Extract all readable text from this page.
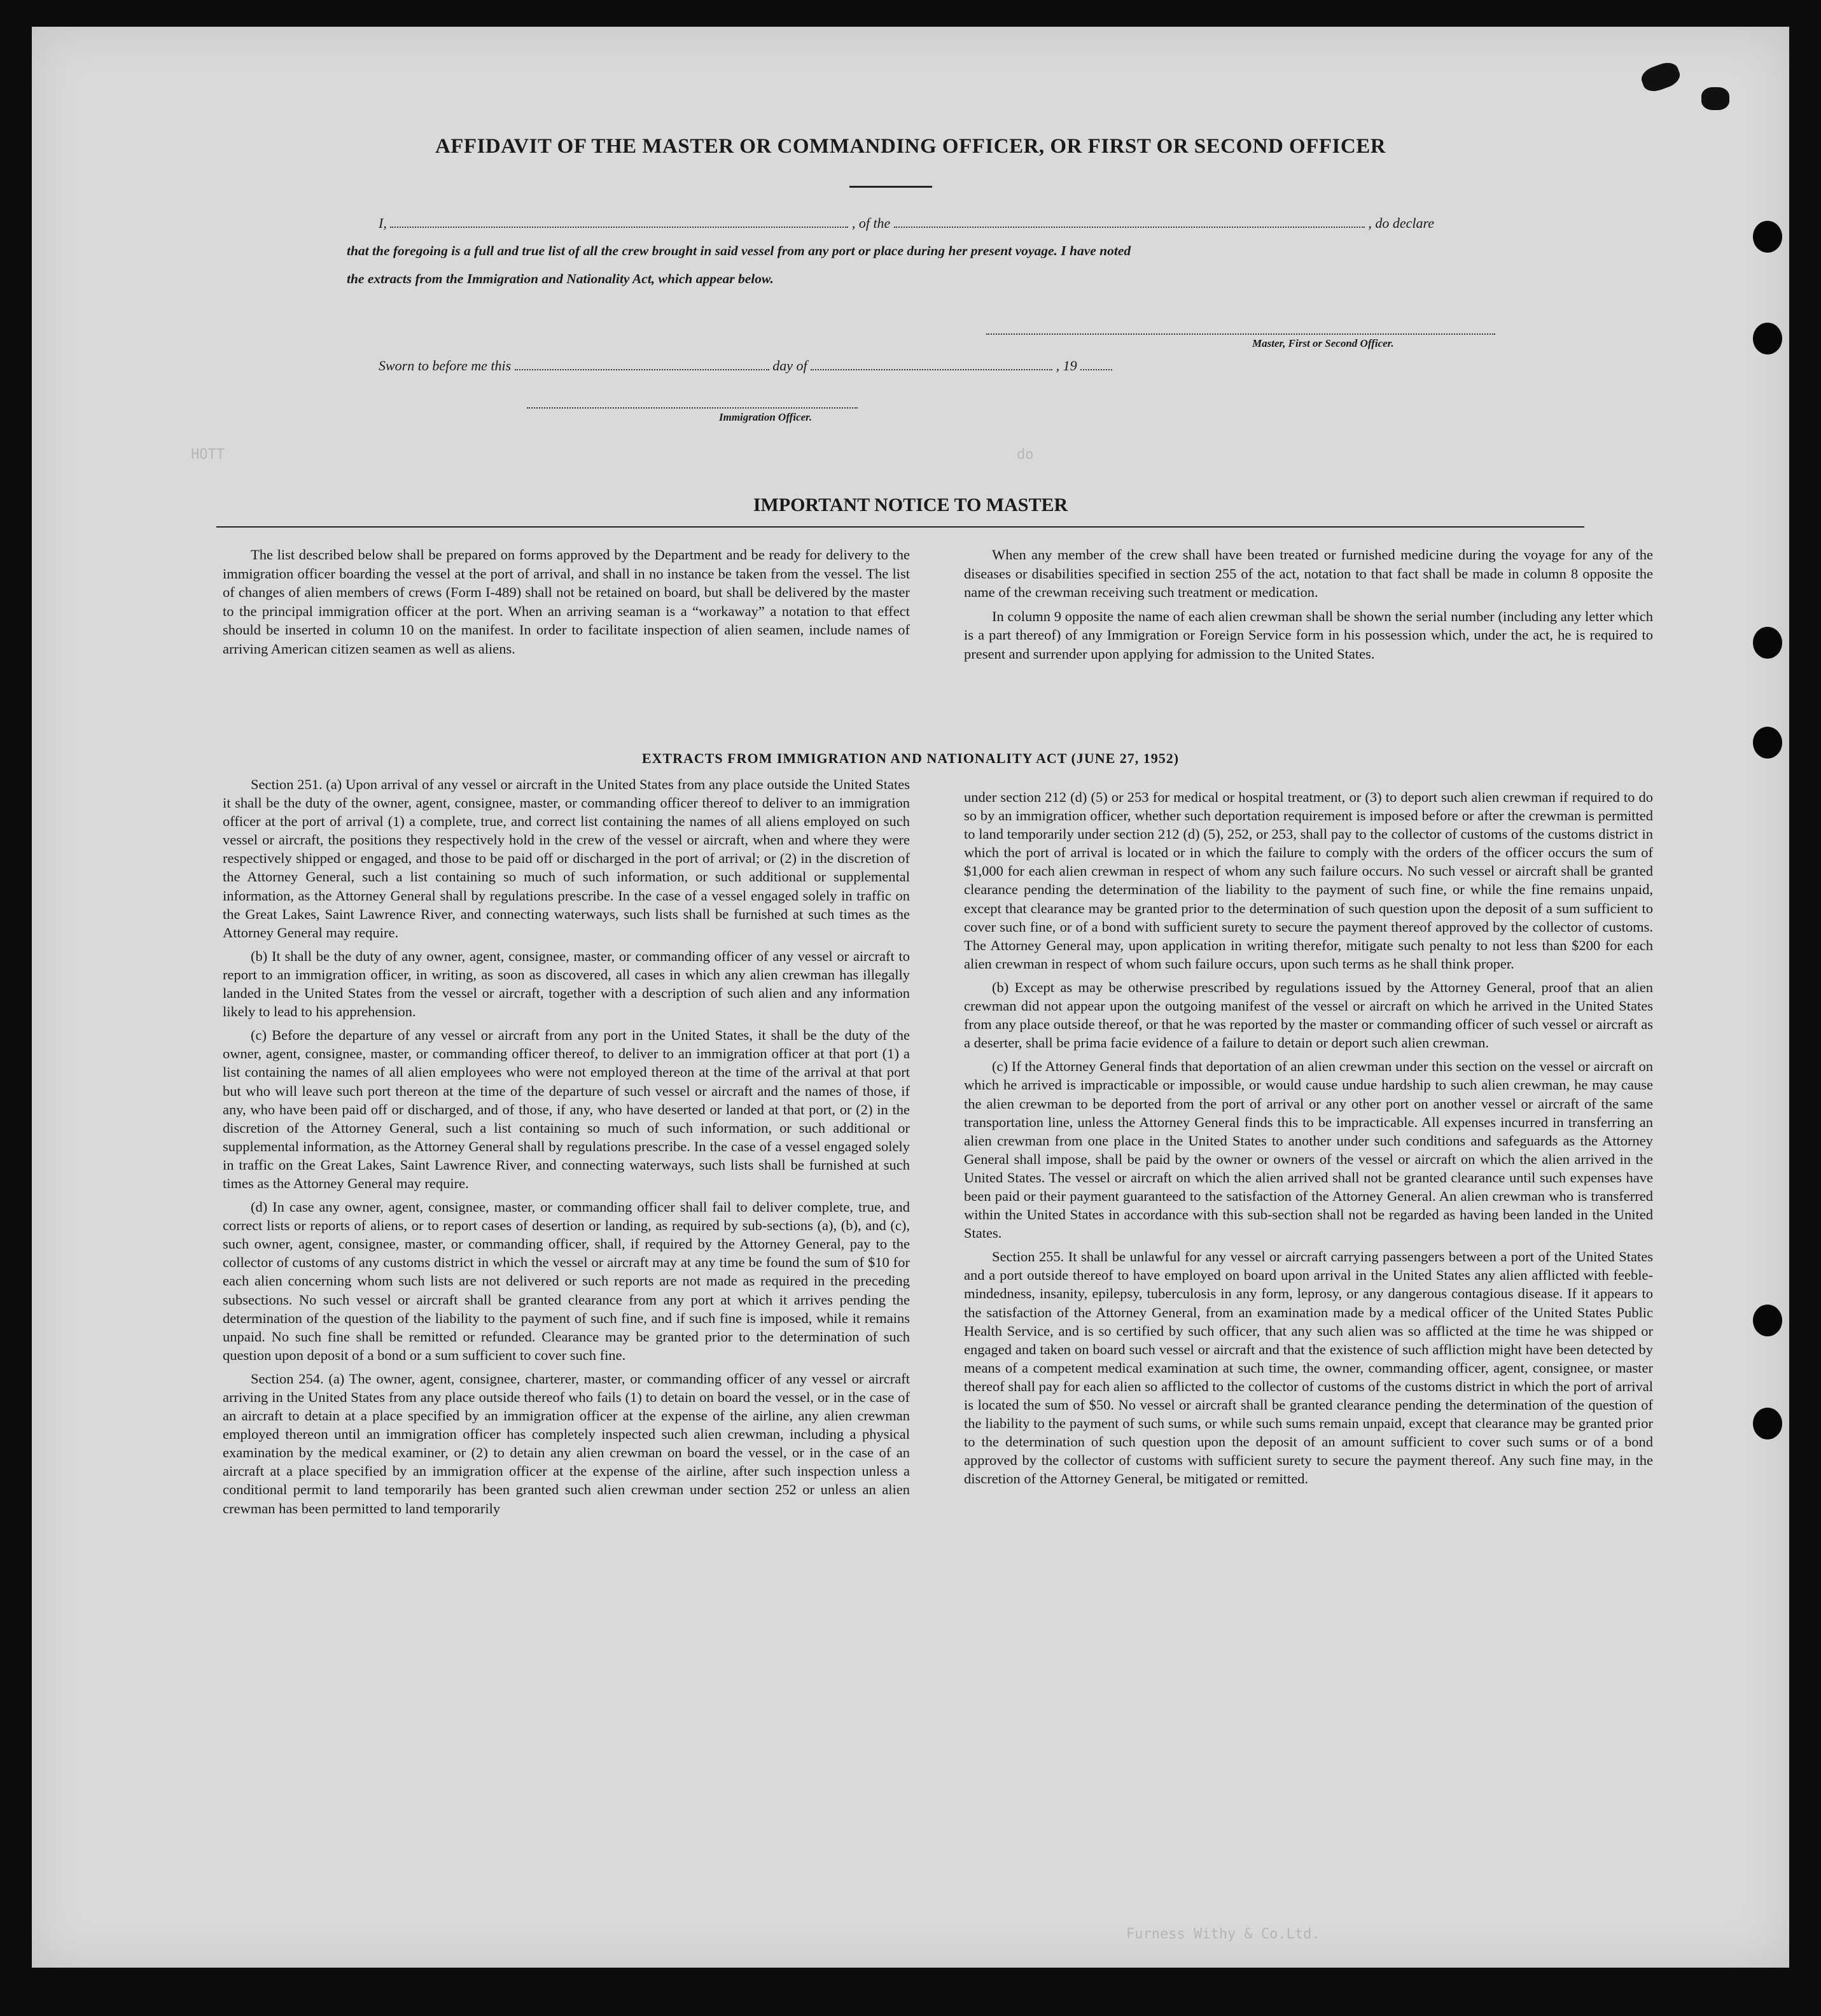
HOTT                                                                                              do
Furness Withy & Co.Ltd.
AFFIDAVIT OF THE MASTER OR COMMANDING OFFICER, OR FIRST OR SECOND OFFICER
I,	, of the	, do declare
that the foregoing is a full and true list of all the crew brought in said vessel from any port or place during her present voyage. I have noted
the extracts from the Immigration and Nationality Act, which appear below.
Master, First or Second Officer.
Sworn to before me this	day of	, 19
Immigration Officer.
IMPORTANT NOTICE TO MASTER

The list described below shall be prepared on forms approved by the Department and be ready for delivery to the immigration officer boarding the vessel at the port of arrival, and shall in no instance be taken from the vessel. The list of changes of alien members of crews (Form I-489) shall not be retained on board, but shall be delivered by the master to the principal immigration officer at the port. When an arriving seaman is a “workaway” a notation to that effect should be inserted in column 10 on the manifest. In order to facilitate inspection of alien seamen, include names of arriving American citizen seamen as well as aliens.

When any member of the crew shall have been treated or furnished medicine during the voyage for any of the diseases or disabilities specified in section 255 of the act, notation to that fact shall be made in column 8 opposite the name of the crewman receiving such treatment or medication.

In column 9 opposite the name of each alien crewman shall be shown the serial number (including any letter which is a part thereof) of any Immigration or Foreign Service form in his possession which, under the act, he is required to present and surrender upon applying for admission to the United States.

EXTRACTS FROM IMMIGRATION AND NATIONALITY ACT (JUNE 27, 1952)

Section 251. (a) Upon arrival of any vessel or aircraft in the United States from any place outside the United States it shall be the duty of the owner, agent, consignee, master, or commanding officer thereof to deliver to an immigration officer at the port of arrival (1) a complete, true, and correct list containing the names of all aliens employed on such vessel or aircraft, the positions they respectively hold in the crew of the vessel or aircraft, when and where they were respectively shipped or engaged, and those to be paid off or discharged in the port of arrival; or (2) in the discretion of the Attorney General, such a list containing so much of such information, or such additional or supplemental information, as the Attorney General shall by regulations prescribe. In the case of a vessel engaged solely in traffic on the Great Lakes, Saint Lawrence River, and connecting waterways, such lists shall be furnished at such times as the Attorney General may require.

(b) It shall be the duty of any owner, agent, consignee, master, or commanding officer of any vessel or aircraft to report to an immigration officer, in writing, as soon as discovered, all cases in which any alien crewman has illegally landed in the United States from the vessel or aircraft, together with a description of such alien and any information likely to lead to his apprehension.

(c) Before the departure of any vessel or aircraft from any port in the United States, it shall be the duty of the owner, agent, consignee, master, or commanding officer thereof, to deliver to an immigration officer at that port (1) a list containing the names of all alien employees who were not employed thereon at the time of the arrival at that port but who will leave such port thereon at the time of the departure of such vessel or aircraft and the names of those, if any, who have been paid off or discharged, and of those, if any, who have deserted or landed at that port, or (2) in the discretion of the Attorney General, such a list containing so much of such information, or such additional or supplemental information, as the Attorney General shall by regulations prescribe. In the case of a vessel engaged solely in traffic on the Great Lakes, Saint Lawrence River, and connecting waterways, such lists shall be furnished at such times as the Attorney General may require.

(d) In case any owner, agent, consignee, master, or commanding officer shall fail to deliver complete, true, and correct lists or reports of aliens, or to report cases of desertion or landing, as required by sub-sections (a), (b), and (c), such owner, agent, consignee, master, or commanding officer, shall, if required by the Attorney General, pay to the collector of customs of any customs district in which the vessel or aircraft may at any time be found the sum of $10 for each alien concerning whom such lists are not delivered or such reports are not made as required in the preceding subsections. No such vessel or aircraft shall be granted clearance from any port at which it arrives pending the determination of the question of the liability to the payment of such fine, and if such fine is imposed, while it remains unpaid. No such fine shall be remitted or refunded. Clearance may be granted prior to the determination of such question upon deposit of a bond or a sum sufficient to cover such fine.

Section 254. (a) The owner, agent, consignee, charterer, master, or commanding officer of any vessel or aircraft arriving in the United States from any place outside thereof who fails (1) to detain on board the vessel, or in the case of an aircraft to detain at a place specified by an immigration officer at the expense of the airline, any alien crewman employed thereon until an immigration officer has completely inspected such alien crewman, including a physical examination by the medical examiner, or (2) to detain any alien crewman on board the vessel, or in the case of an aircraft at a place specified by an immigration officer at the expense of the airline, after such inspection unless a conditional permit to land temporarily has been granted such alien crewman under section 252 or unless an alien crewman has been permitted to land temporarily

under section 212 (d) (5) or 253 for medical or hospital treatment, or (3) to deport such alien crewman if required to do so by an immigration officer, whether such deportation requirement is imposed before or after the crewman is permitted to land temporarily under section 212 (d) (5), 252, or 253, shall pay to the collector of customs of the customs district in which the port of arrival is located or in which the failure to comply with the orders of the officer occurs the sum of $1,000 for each alien crewman in respect of whom any such failure occurs. No such vessel or aircraft shall be granted clearance pending the determination of the liability to the payment of such fine, or while the fine remains unpaid, except that clearance may be granted prior to the determination of such question upon the deposit of a sum sufficient to cover such fine, or of a bond with sufficient surety to secure the payment thereof approved by the collector of customs. The Attorney General may, upon application in writing therefor, mitigate such penalty to not less than $200 for each alien crewman in respect of whom such failure occurs, upon such terms as he shall think proper.

(b) Except as may be otherwise prescribed by regulations issued by the Attorney General, proof that an alien crewman did not appear upon the outgoing manifest of the vessel or aircraft on which he arrived in the United States from any place outside thereof, or that he was reported by the master or commanding officer of such vessel or aircraft as a deserter, shall be prima facie evidence of a failure to detain or deport such alien crewman.

(c) If the Attorney General finds that deportation of an alien crewman under this section on the vessel or aircraft on which he arrived is impracticable or impossible, or would cause undue hardship to such alien crewman, he may cause the alien crewman to be deported from the port of arrival or any other port on another vessel or aircraft of the same transportation line, unless the Attorney General finds this to be impracticable. All expenses incurred in transferring an alien crewman from one place in the United States to another under such conditions and safeguards as the Attorney General shall impose, shall be paid by the owner or owners of the vessel or aircraft on which the alien arrived in the United States. The vessel or aircraft on which the alien arrived shall not be granted clearance until such expenses have been paid or their payment guaranteed to the satisfaction of the Attorney General. An alien crewman who is transferred within the United States in accordance with this sub-section shall not be regarded as having been landed in the United States.

Section 255. It shall be unlawful for any vessel or aircraft carrying passengers between a port of the United States and a port outside thereof to have employed on board upon arrival in the United States any alien afflicted with feeble-mindedness, insanity, epilepsy, tuberculosis in any form, leprosy, or any dangerous contagious disease. If it appears to the satisfaction of the Attorney General, from an examination made by a medical officer of the United States Public Health Service, and is so certified by such officer, that any such alien was so afflicted at the time he was shipped or engaged and taken on board such vessel or aircraft and that the existence of such affliction might have been detected by means of a competent medical examination at such time, the owner, commanding officer, agent, consignee, or master thereof shall pay for each alien so afflicted to the collector of customs of the customs district in which the port of arrival is located the sum of $50. No vessel or aircraft shall be granted clearance pending the determination of the question of the liability to the payment of such sums, or while such sums remain unpaid, except that clearance may be granted prior to the determination of such question upon the deposit of an amount sufficient to cover such sums or of a bond approved by the collector of customs with sufficient surety to secure the payment thereof. Any such fine may, in the discretion of the Attorney General, be mitigated or remitted.
